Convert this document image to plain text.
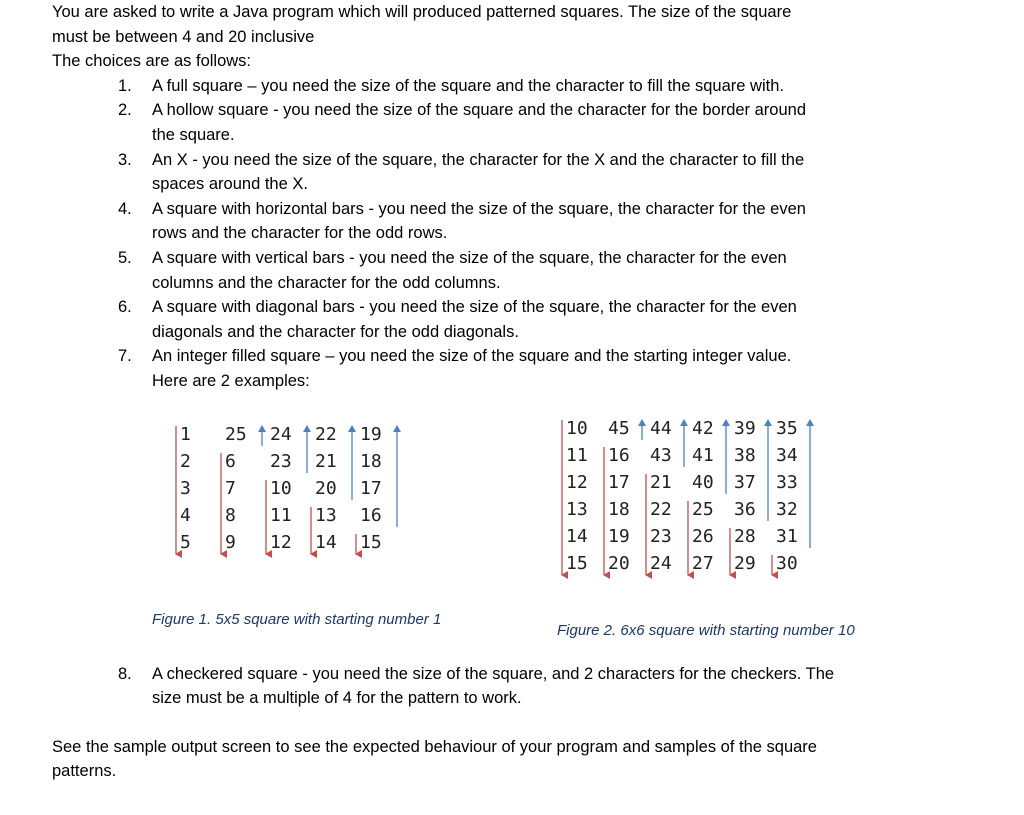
You are asked to write a Java program which will produced patterned squares. The size of the square

must be between 4 and 20 inclusive

The choices are as follows:

1. A full square – you need the size of the square and the character to fill the square with.
2. A hollow square - you need the size of the square and the character for the border around
the square.
3. An X - you need the size of the square, the character for the X and the character to fill the
spaces around the X.
4. A square with horizontal bars - you need the size of the square, the character for the even
rows and the character for the odd rows.
5. A square with vertical bars - you need the size of the square, the character for the even
columns and the character for the odd columns.
6. A square with diagonal bars - you need the size of the square, the character for the even
diagonals and the character for the odd diagonals.
7. An integer filled square – you need the size of the square and the starting integer value.
Here are 2 examples:
1 25 24 22 19
2 6 23 21 18
3 7 10 20 17
4 8 11 13 16
5 9 12 14 15
Figure 1. 5x5 square with starting number 1
10 45 44 42 39 35
11 16 43 41 38 34
12 17 21 40 37 33
13 18 22 25 36 32
14 19 23 26 28 31
15 20 24 27 29 30
Figure 2. 6x6 square with starting number 10
8. A checkered square - you need the size of the square, and 2 characters for the checkers. The
size must be a multiple of 4 for the pattern to work.

See the sample output screen to see the expected behaviour of your program and samples of the square

patterns.
